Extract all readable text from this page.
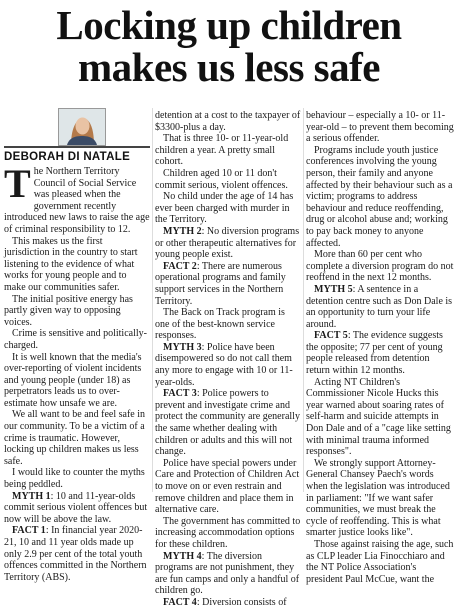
Locking up children
makes us less safe
DEBORAH DI NATALE

The Northern Territory Council of Social Service was pleased when the government recently introduced new laws to raise the age of criminal responsibility to 12.

This makes us the first jurisdiction in the country to start listening to the evidence of what works for young people and to make our communities safer.

The initial positive energy has partly given way to opposing voices.

Crime is sensitive and politically-charged.

It is well known that the media's over-reporting of violent incidents and young people (under 18) as perpetrators leads us to over-estimate how unsafe we are.

We all want to be and feel safe in our community. To be a victim of a crime is traumatic. However, locking up children makes us less safe.

I would like to counter the myths being peddled.

MYTH 1: 10 and 11-year-olds commit serious violent offences but now will be above the law.

FACT 1: In financial year 2020-21, 10 and 11 year olds made up only 2.9 per cent of the total youth offences committed in the Northern Territory (ABS).

detention at a cost to the taxpayer of $3300-plus a day.

That is three 10- or 11-year-old children a year. A pretty small cohort.

Children aged 10 or 11 don't commit serious, violent offences.

No child under the age of 14 has ever been charged with murder in the Territory.

MYTH 2: No diversion programs or other therapeutic alternatives for young people exist.

FACT 2: There are numerous operational programs and family support services in the Northern Territory.

The Back on Track program is one of the best-known service responses.

MYTH 3: Police have been disempowered so do not call them any more to engage with 10 or 11-year-olds.

FACT 3: Police powers to prevent and investigate crime and protect the community are generally the same whether dealing with children or adults and this will not change.

Police have special powers under Care and Protection of Children Act to move on or even restrain and remove children and place them in alternative care.

The government has committed to increasing accommodation options for these children.

MYTH 4: The diversion programs are not punishment, they are fun camps and only a handful of children go.

FACT 4: Diversion consists of

behaviour – especially a 10- or 11-year-old – to prevent them becoming a serious offender.

Programs include youth justice conferences involving the young person, their family and anyone affected by their behaviour such as a victim; programs to address behaviour and reduce reoffending, drug or alcohol abuse and; working to pay back money to anyone affected.

More than 60 per cent who complete a diversion program do not reoffend in the next 12 months.

MYTH 5: A sentence in a detention centre such as Don Dale is an opportunity to turn your life around.

FACT 5: The evidence suggests the opposite; 77 per cent of young people released from detention return within 12 months.

Acting NT Children's Commissioner Nicole Hucks this year warned about soaring rates of self-harm and suicide attempts in Don Dale and of a "cage like setting with minimal trauma informed responses".

We strongly support Attorney-General Chansey Paech's words when the legislation was introduced in parliament: "If we want safer communities, we must break the cycle of reoffending. This is what smarter justice looks like".

Those against raising the age, such as CLP leader Lia Finocchiaro and the NT Police Association's president Paul McCue, want the
